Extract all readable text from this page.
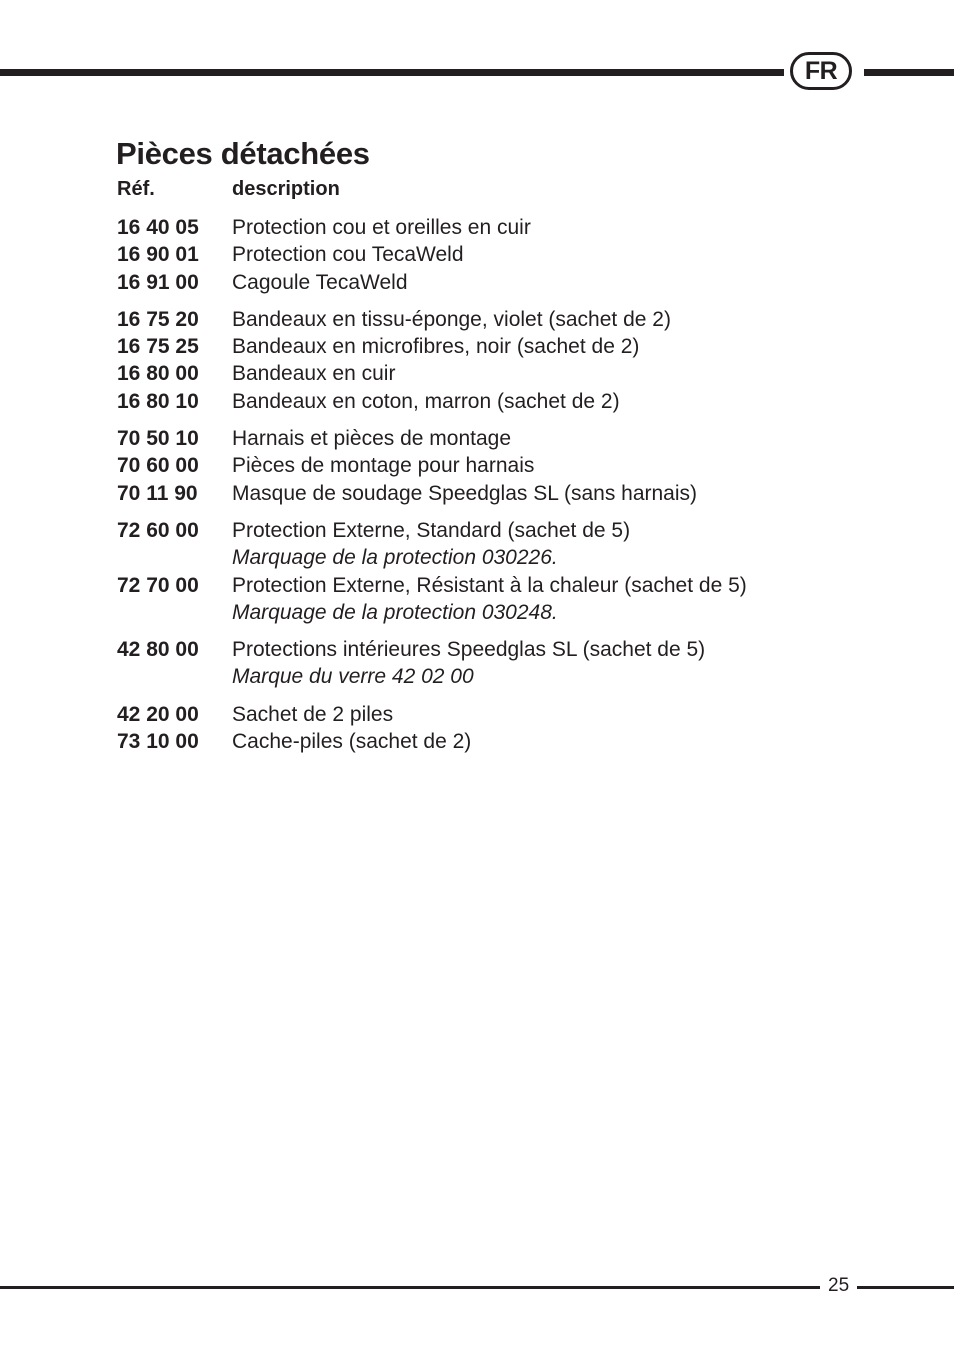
FR
Pièces détachées
Réf.	description
16 40 05	Protection cou et oreilles en cuir
16 90 01	Protection cou TecaWeld
16 91 00	Cagoule TecaWeld
16 75 20	Bandeaux en tissu-éponge, violet (sachet de 2)
16 75 25	Bandeaux en microfibres, noir (sachet de 2)
16 80 00	Bandeaux en cuir
16 80 10	Bandeaux en coton, marron (sachet de 2)
70 50 10	Harnais et pièces de montage
70 60 00	Pièces de montage pour harnais
70 11 90	Masque de soudage Speedglas SL (sans harnais)
72 60 00	Protection Externe, Standard (sachet de 5)
Marquage de la protection 030226.
72 70 00	Protection Externe, Résistant à la chaleur (sachet de 5)
Marquage de la protection 030248.
42 80 00	Protections intérieures Speedglas SL (sachet de 5)
Marque du verre 42 02 00
42 20 00	Sachet de 2 piles
73 10 00	Cache-piles (sachet de 2)
25
